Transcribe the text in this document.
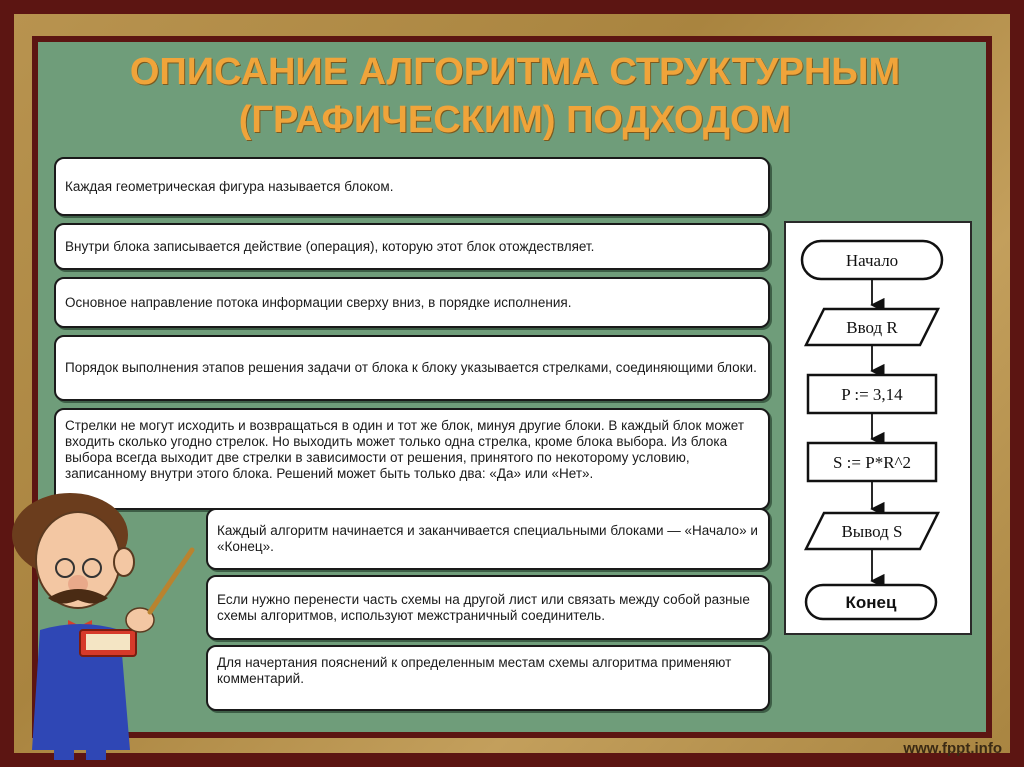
ОПИСАНИЕ АЛГОРИТМА СТРУКТУРНЫМ
(ГРАФИЧЕСКИМ) ПОДХОДОМ
Каждая геометрическая фигура называется блоком.
Внутри блока записывается действие (операция), которую этот блок отождествляет.
Основное направление потока информации сверху вниз, в порядке исполнения.
Порядок выполнения этапов решения задачи от блока к блоку указывается стрелками, соединяющими блоки.
Стрелки не могут исходить и возвращаться в один и тот же блок, минуя другие блоки. В каждый блок может входить сколько угодно стрелок. Но выходить может только одна стрелка, кроме блока выбора. Из блока выбора всегда выходит две стрелки в зависимости от решения, принятого по некоторому условию, записанному внутри этого блока. Решений может быть только два: «Да» или «Нет».
Каждый алгоритм начинается и заканчивается специальными блоками — «Начало» и «Конец».
Если нужно перенести часть схемы на другой лист или связать между собой разные схемы алгоритмов, используют межстраничный соединитель.
Для начертания пояснений к определенным местам схемы алгоритма применяют комментарий.
Начало
Ввод R
P := 3,14
S := P*R^2
Вывод S
Конец
www.fppt.info
